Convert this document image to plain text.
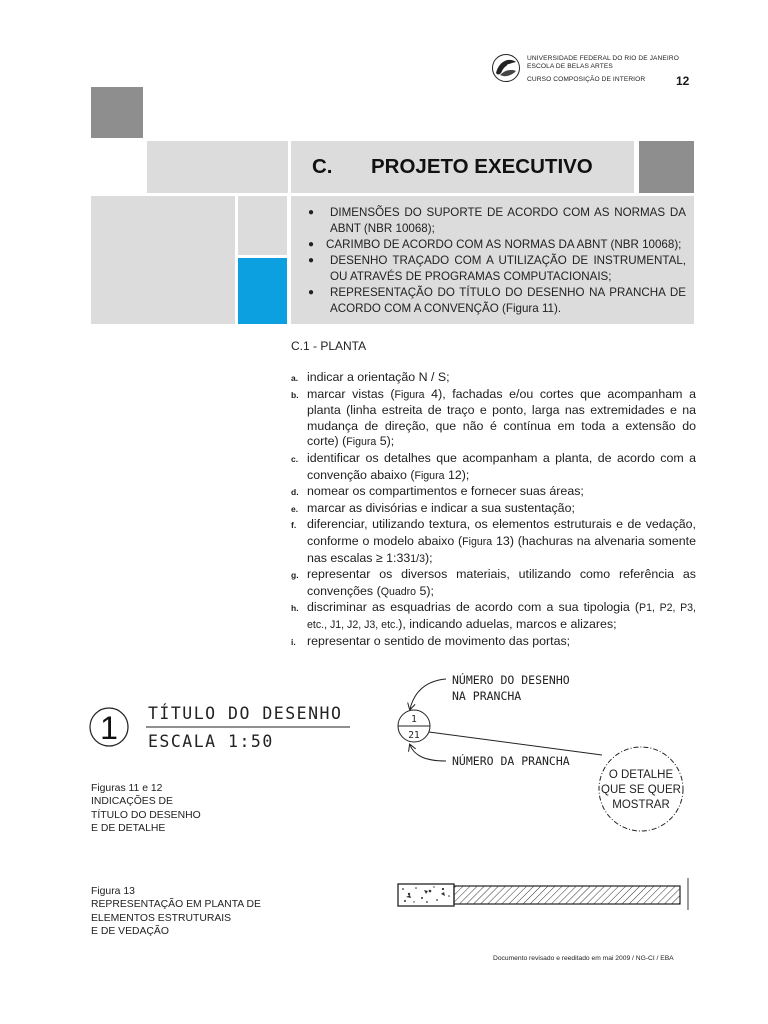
UNIVERSIDADE FEDERAL DO RIO DE JANEIRO
ESCOLA DE BELAS ARTES
CURSO COMPOSIÇÃO DE INTERIOR	12
C. PROJETO EXECUTIVO
● DIMENSÕES DO SUPORTE DE ACORDO COM AS NORMAS DA ABNT (NBR 10068);
● CARIMBO DE ACORDO COM AS NORMAS DA ABNT (NBR 10068);
● DESENHO TRAÇADO COM A UTILIZAÇÃO DE INSTRUMENTAL, OU ATRAVÉS DE PROGRAMAS COMPUTACIONAIS;
● REPRESENTAÇÃO DO TÍTULO DO DESENHO NA PRANCHA DE ACORDO COM A CONVENÇÃO (Figura 11).
C.1 - PLANTA

a. indicar a orientação N / S;

b. marcar vistas (Figura 4), fachadas e/ou cortes que acompanham a planta (linha estreita de traço e ponto, larga nas extremidades e na mudança de direção, que não é contínua em toda a extensão do corte) (Figura 5);

c. identificar os detalhes que acompanham a planta, de acordo com a convenção abaixo (Figura 12);

d. nomear os compartimentos e fornecer suas áreas;

e. marcar as divisórias e indicar a sua sustentação;

f. diferenciar, utilizando textura, os elementos estruturais e de vedação, conforme o modelo abaixo (Figura 13) (hachuras na alvenaria somente nas escalas ≥ 1:331/3);

g. representar os diversos materiais, utilizando como referência as convenções (Quadro 5);

h. discriminar as esquadrias de acordo com a sua tipologia (P1, P2, P3, etc., J1, J2, J3, etc.), indicando aduelas, marcos e alizares;

i. representar o sentido de movimento das portas;

1 TÍTULO DO DESENHO
ESCALA 1:50
NÚMERO DO DESENHO
NA PRANCHA
1
21
NÚMERO DA PRANCHA
O DETALHE
QUE SE QUER
MOSTRAR
Figuras 11 e 12
INDICAÇÕES DE
TÍTULO DO DESENHO
E DE DETALHE
Figura 13
REPRESENTAÇÃO EM PLANTA DE
ELEMENTOS ESTRUTURAIS
E DE VEDAÇÃO
Documento revisado e reeditado em mai 2009 / NG-CI / EBA
